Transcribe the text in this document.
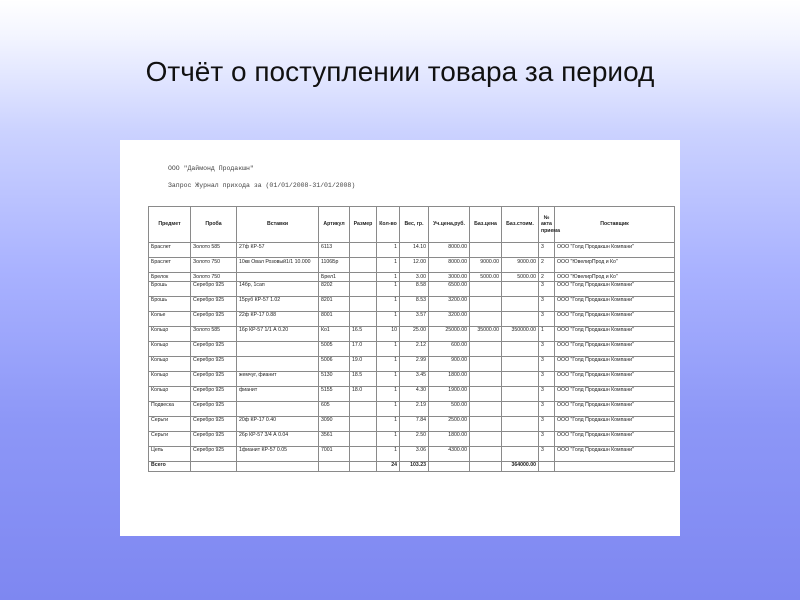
Отчёт о поступлении товара за период
ООО "Даймонд Продакшн"
Запрос Журнал прихода за (01/01/2008-31/01/2008)
Предмет	Проба	Вставки	Артикул	Размер	Кол-во	Вес, гр.	Уч.цена,руб.	Баз.цена	Баз.стоим.	№ акта приема	Поставщик
Браслет	Золото 585	27ф КР-57	6113		1	14.10	8000.00			3	ООО "Голд Продакшн Компани"
Браслет	Золото 750	10кв Овал Розовый1/1 10.000	1106Бр		1	12.00	8000.00	9000.00	9000.00	2	ООО "ЮвелирПрод и Ко"
Брелок	Золото 750		Брел1		1	3.00	3000.00	5000.00	5000.00	2	ООО "ЮвелирПрод и Ко"
Брошь	Серебро 925	14бр, 1сап	8202		1	8.58	6500.00			3	ООО "Голд Продакшн Компани"
Брошь	Серебро 925	15руб КР-57 1.02	8201		1	8.53	3200.00			3	ООО "Голд Продакшн Компани"
Колье	Серебро 925	22ф КР-17 0.88	8001		1	3.57	3200.00			3	ООО "Голд Продакшн Компани"
Кольцо	Золото 585	16р КР-57 1/1 А 0.20	Ко1	16.5	10	25.00	25000.00	35000.00	350000.00	1	ООО "Голд Продакшн Компани"
Кольцо	Серебро 925		5005	17.0	1	2.12	600.00			3	ООО "Голд Продакшн Компани"
Кольцо	Серебро 925		5006	19.0	1	2.99	900.00			3	ООО "Голд Продакшн Компани"
Кольцо	Серебро 925	жемчуг, фианит	5130	18.5	1	3.45	1800.00			3	ООО "Голд Продакшн Компани"
Кольцо	Серебро 925	фианит	5155	18.0	1	4.30	1900.00			3	ООО "Голд Продакшн Компани"
Подвеска	Серебро 925		605		1	2.19	500.00			3	ООО "Голд Продакшн Компани"
Серьги	Серебро 925	20ф КР-17 0.40	3090		1	7.84	2500.00			3	ООО "Голд Продакшн Компани"
Серьги	Серебро 925	26р КР-57 3/4 А 0.04	3561		1	2.50	1800.00			3	ООО "Голд Продакшн Компани"
Цепь	Серебро 925	1фианит КР-57 0.05	7001		1	3.06	4300.00			3	ООО "Голд Продакшн Компани"
Всего					24	103.23			364000.00		
